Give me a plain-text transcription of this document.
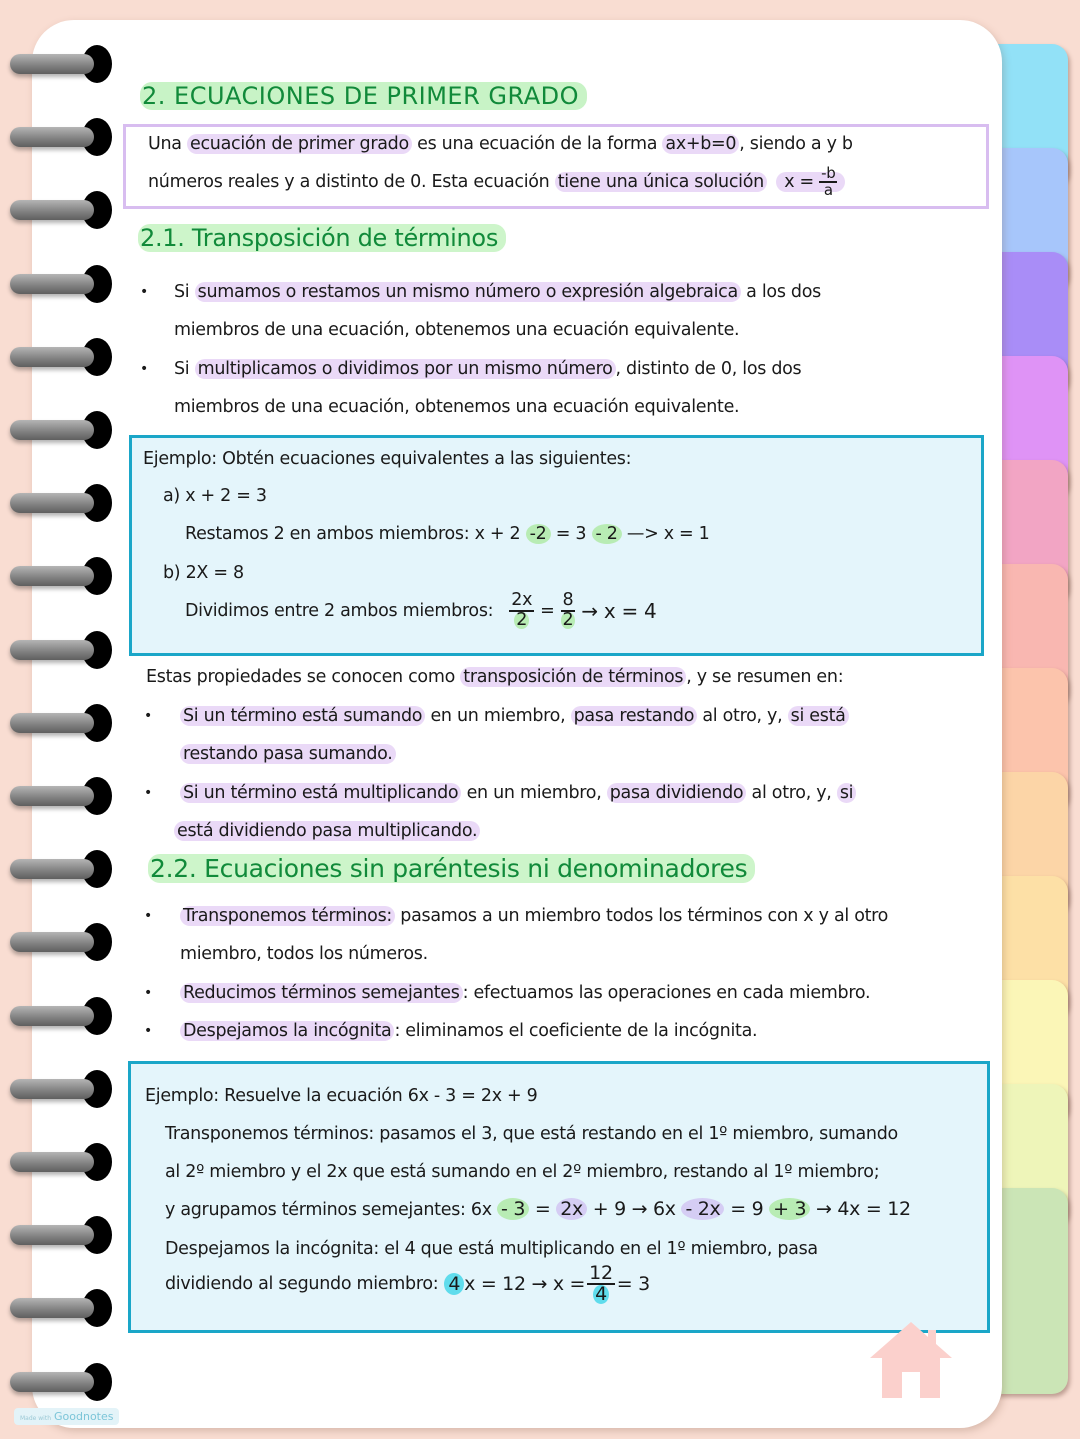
2. ECUACIONES DE PRIMER GRADO
Una ecuación de primer grado es una ecuación de la forma ax+b=0 , siendo a y b
números reales y a distinto de 0. Esta ecuación tiene una única solución $x = \frac{-b}{a}$
2.1. Transposición de términos
• Si sumamos o restamos un mismo número o expresión algebraica a los dos
miembros de una ecuación, obtenemos una ecuación equivalente.
• Si multiplicamos o dividimos por un mismo número , distinto de 0, los dos
miembros de una ecuación, obtenemos una ecuación equivalente.
Ejemplo: Obtén ecuaciones equivalentes a las siguientes:
a) x + 2 = 3
Restamos 2 en ambos miembros: x + 2 -2 = 3 - 2 —> x = 1
b) 2X = 8
Dividimos entre 2 ambos miembros: $\frac{2x}{2} = \frac{8}{2} \to x = 4$
Estas propiedades se conocen como transposición de términos , y se resumen en:
• Si un término está sumando en un miembro, pasa restando al otro, y, si está
restando pasa sumando.
• Si un término está multiplicando en un miembro, pasa dividiendo al otro, y, si
está dividiendo pasa multiplicando.
2.2. Ecuaciones sin paréntesis ni denominadores
• Transponemos términos: pasamos a un miembro todos los términos con x y al otro
miembro, todos los números.
• Reducimos términos semejantes : efectuamos las operaciones en cada miembro.
• Despejamos la incógnita : eliminamos el coeficiente de la incógnita.
Ejemplo: Resuelve la ecuación 6x - 3 = 2x + 9
Transponemos términos: pasamos el 3, que está restando en el 1º miembro, sumando
al 2º miembro y el 2x que está sumando en el 2º miembro, restando al 1º miembro;
y agrupamos términos semejantes: 6x - 3 = 2x + 9 → 6x - 2x = 9 + 3 → 4x = 12
Despejamos la incógnita: el 4 que está multiplicando en el 1º miembro, pasa
dividiendo al segundo miembro: 4 $x = 12 \to x = \frac{12}{4} = 3$
Made with Goodnotes
